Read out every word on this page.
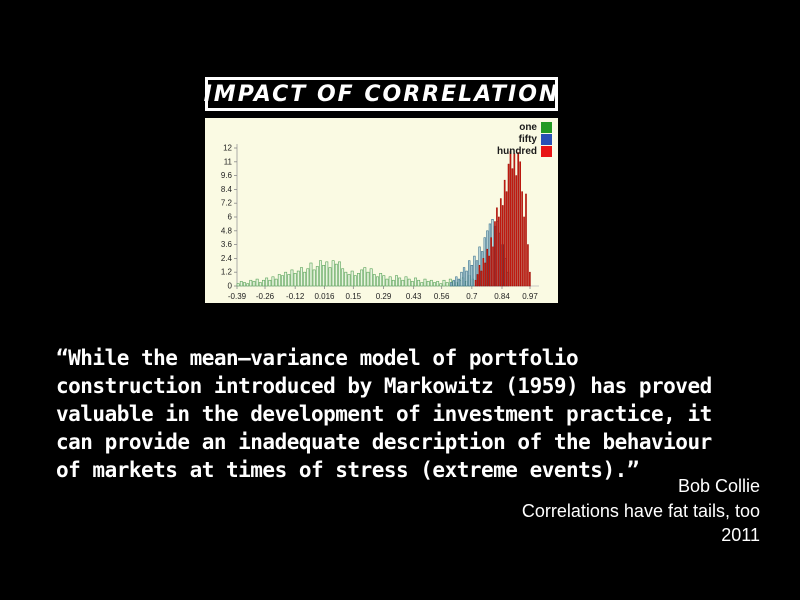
IMPACT OF CORRELATION
0
1.2
2.4
3.6
4.8
6
7.2
8.4
9.6
11
12
-0.39 -0.26 -0.12 0.016 0.15 0.29 0.43 0.56 0.7 0.84 0.97
one
fifty
hundred
“While the mean–variance model of portfolio
construction introduced by Markowitz (1959) has proved
valuable in the development of investment practice, it
can provide an inadequate description of the behaviour
of markets at times of stress (extreme events).”
Bob Collie
Correlations have fat tails, too
2011
